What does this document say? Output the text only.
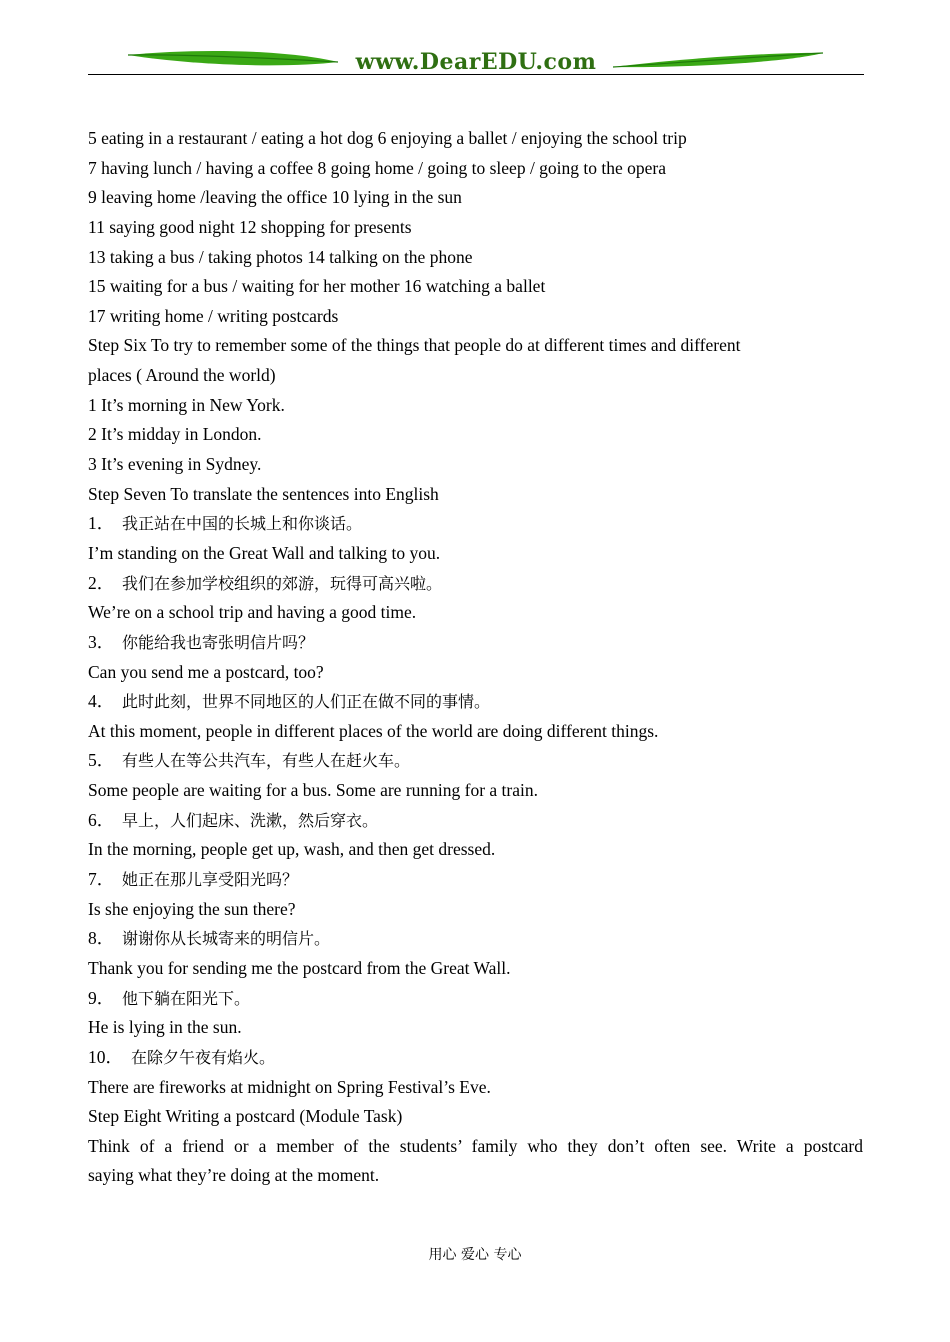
www.DearEDU.com
5 eating in a restaurant / eating a hot dog 6 enjoying a ballet / enjoying the school trip
7 having lunch / having a coffee 8 going home / going to sleep / going to the opera
9 leaving home /leaving the office 10 lying in the sun
11 saying good night 12 shopping for presents
13 taking a bus / taking photos 14 talking on the phone
15 waiting for a bus / waiting for her mother 16 watching a ballet
17 writing home / writing postcards
Step Six To try to remember some of the things that people do at different times and different
places ( Around the world)
1 It’s morning in New York.
2 It’s midday in London.
3 It’s evening in Sydney.
Step Seven To translate the sentences into English
1． 我正站在中国的长城上和你谈话。
I’m standing on the Great Wall and talking to you.
2． 我们在参加学校组织的郊游，玩得可高兴啦。
We’re on a school trip and having a good time.
3． 你能给我也寄张明信片吗？
Can you send me a postcard, too?
4． 此时此刻，世界不同地区的人们正在做不同的事情。
At this moment, people in different places of the world are doing different things.
5． 有些人在等公共汽车，有些人在赶火车。
Some people are waiting for a bus. Some are running for a train.
6． 早上，人们起床、洗漱，然后穿衣。
In the morning, people get up, wash, and then get dressed.
7． 她正在那儿享受阳光吗？
Is she enjoying the sun there?
8． 谢谢你从长城寄来的明信片。
Thank you for sending me the postcard from the Great Wall.
9． 他下躺在阳光下。
He is lying in the sun.
10． 在除夕午夜有焰火。
There are fireworks at midnight on Spring Festival’s Eve.
Step Eight Writing a postcard (Module Task)
Think of a friend or a member of the students’ family who they don’t often see. Write a postcard
saying what they’re doing at the moment.
用心 爱心 专心
